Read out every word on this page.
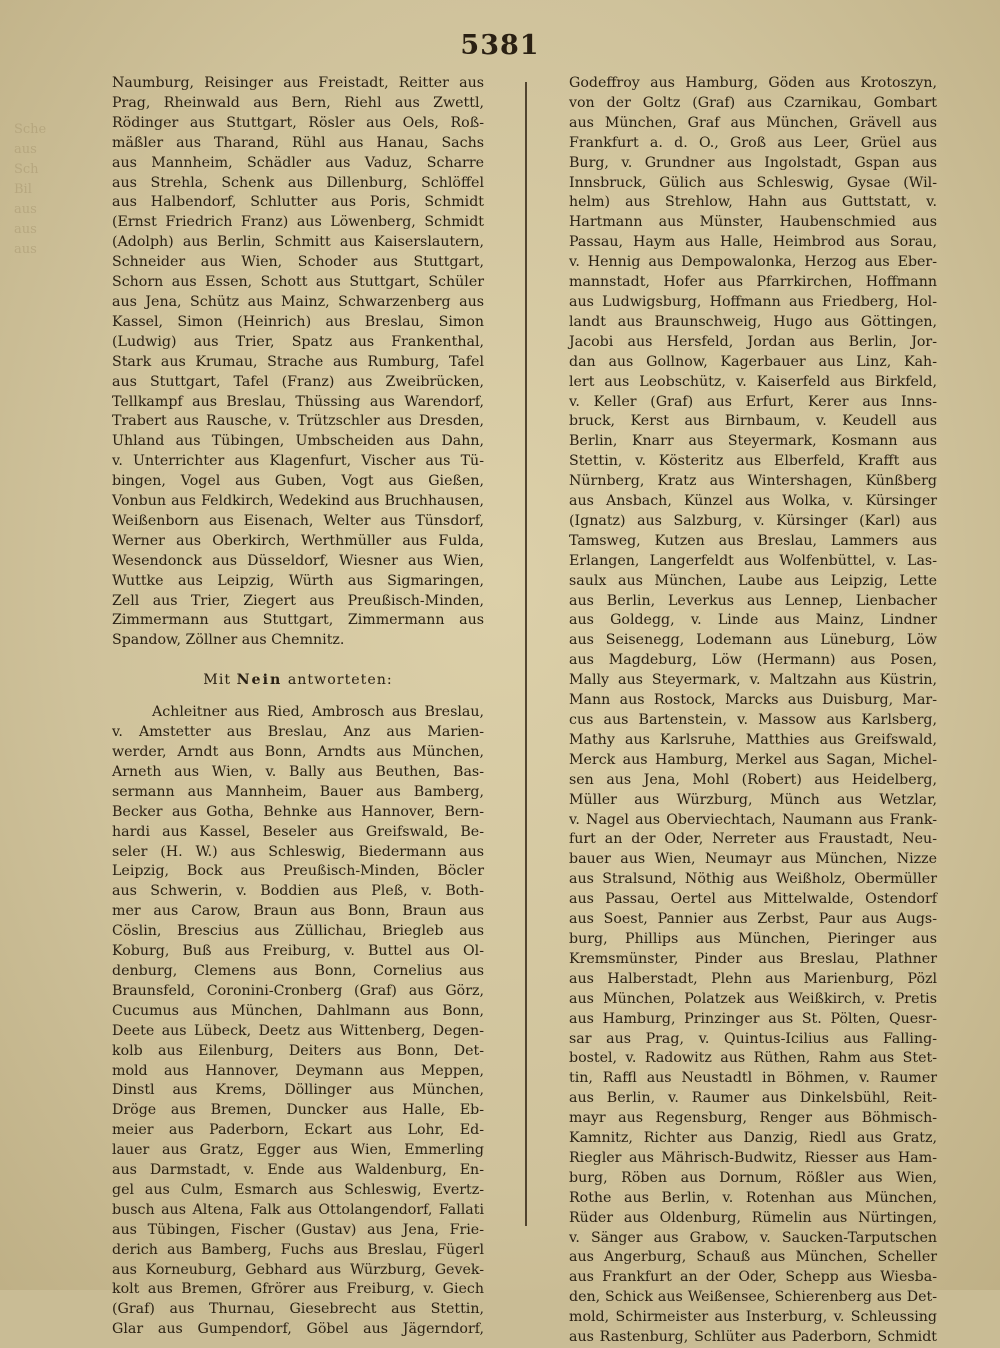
Sche
aus
Sch
Bil
aus
aus
aus
5381
Naumburg, Reisinger aus Freistadt, Reitter aus
Prag, Rheinwald aus Bern, Riehl aus Zwettl,
Rödinger aus Stuttgart, Rösler aus Oels, Roß-
mäßler aus Tharand, Rühl aus Hanau, Sachs
aus Mannheim, Schädler aus Vaduz, Scharre
aus Strehla, Schenk aus Dillenburg, Schlöffel
aus Halbendorf, Schlutter aus Poris, Schmidt
(Ernst Friedrich Franz) aus Löwenberg, Schmidt
(Adolph) aus Berlin, Schmitt aus Kaiserslautern,
Schneider aus Wien, Schoder aus Stuttgart,
Schorn aus Essen, Schott aus Stuttgart, Schüler
aus Jena, Schütz aus Mainz, Schwarzenberg aus
Kassel, Simon (Heinrich) aus Breslau, Simon
(Ludwig) aus Trier, Spatz aus Frankenthal,
Stark aus Krumau, Strache aus Rumburg, Tafel
aus Stuttgart, Tafel (Franz) aus Zweibrücken,
Tellkampf aus Breslau, Thüssing aus Warendorf,
Trabert aus Rausche, v. Trützschler aus Dresden,
Uhland aus Tübingen, Umbscheiden aus Dahn,
v. Unterrichter aus Klagenfurt, Vischer aus Tü-
bingen, Vogel aus Guben, Vogt aus Gießen,
Vonbun aus Feldkirch, Wedekind aus Bruchhausen,
Weißenborn aus Eisenach, Welter aus Tünsdorf,
Werner aus Oberkirch, Werthmüller aus Fulda,
Wesendonck aus Düsseldorf, Wiesner aus Wien,
Wuttke aus Leipzig, Würth aus Sigmaringen,
Zell aus Trier, Ziegert aus Preußisch-Minden,
Zimmermann aus Stuttgart, Zimmermann aus
Spandow, Zöllner aus Chemnitz.
Mit Nein antworteten:
Achleitner aus Ried, Ambrosch aus Breslau,
v. Amstetter aus Breslau, Anz aus Marien-
werder, Arndt aus Bonn, Arndts aus München,
Arneth aus Wien, v. Bally aus Beuthen, Bas-
sermann aus Mannheim, Bauer aus Bamberg,
Becker aus Gotha, Behnke aus Hannover, Bern-
hardi aus Kassel, Beseler aus Greifswald, Be-
seler (H. W.) aus Schleswig, Biedermann aus
Leipzig, Bock aus Preußisch-Minden, Böcler
aus Schwerin, v. Boddien aus Pleß, v. Both-
mer aus Carow, Braun aus Bonn, Braun aus
Cöslin, Brescius aus Züllichau, Briegleb aus
Koburg, Buß aus Freiburg, v. Buttel aus Ol-
denburg, Clemens aus Bonn, Cornelius aus
Braunsfeld, Coronini-Cronberg (Graf) aus Görz,
Cucumus aus München, Dahlmann aus Bonn,
Deete aus Lübeck, Deetz aus Wittenberg, Degen-
kolb aus Eilenburg, Deiters aus Bonn, Det-
mold aus Hannover, Deymann aus Meppen,
Dinstl aus Krems, Döllinger aus München,
Dröge aus Bremen, Duncker aus Halle, Eb-
meier aus Paderborn, Eckart aus Lohr, Ed-
lauer aus Gratz, Egger aus Wien, Emmerling
aus Darmstadt, v. Ende aus Waldenburg, En-
gel aus Culm, Esmarch aus Schleswig, Evertz-
busch aus Altena, Falk aus Ottolangendorf, Fallati
aus Tübingen, Fischer (Gustav) aus Jena, Frie-
derich aus Bamberg, Fuchs aus Breslau, Fügerl
aus Korneuburg, Gebhard aus Würzburg, Gevek-
kolt aus Bremen, Gfrörer aus Freiburg, v. Giech
(Graf) aus Thurnau, Giesebrecht aus Stettin,
Glar aus Gumpendorf, Göbel aus Jägerndorf,
Godeffroy aus Hamburg, Göden aus Krotoszyn,
von der Goltz (Graf) aus Czarnikau, Gombart
aus München, Graf aus München, Grävell aus
Frankfurt a. d. O., Groß aus Leer, Grüel aus
Burg, v. Grundner aus Ingolstadt, Gspan aus
Innsbruck, Gülich aus Schleswig, Gysae (Wil-
helm) aus Strehlow, Hahn aus Guttstatt, v.
Hartmann aus Münster, Haubenschmied aus
Passau, Haym aus Halle, Heimbrod aus Sorau,
v. Hennig aus Dempowalonka, Herzog aus Eber-
mannstadt, Hofer aus Pfarrkirchen, Hoffmann
aus Ludwigsburg, Hoffmann aus Friedberg, Hol-
landt aus Braunschweig, Hugo aus Göttingen,
Jacobi aus Hersfeld, Jordan aus Berlin, Jor-
dan aus Gollnow, Kagerbauer aus Linz, Kah-
lert aus Leobschütz, v. Kaiserfeld aus Birkfeld,
v. Keller (Graf) aus Erfurt, Kerer aus Inns-
bruck, Kerst aus Birnbaum, v. Keudell aus
Berlin, Knarr aus Steyermark, Kosmann aus
Stettin, v. Kösteritz aus Elberfeld, Krafft aus
Nürnberg, Kratz aus Wintershagen, Künßberg
aus Ansbach, Künzel aus Wolka, v. Kürsinger
(Ignatz) aus Salzburg, v. Kürsinger (Karl) aus
Tamsweg, Kutzen aus Breslau, Lammers aus
Erlangen, Langerfeldt aus Wolfenbüttel, v. Las-
saulx aus München, Laube aus Leipzig, Lette
aus Berlin, Leverkus aus Lennep, Lienbacher
aus Goldegg, v. Linde aus Mainz, Lindner
aus Seisenegg, Lodemann aus Lüneburg, Löw
aus Magdeburg, Löw (Hermann) aus Posen,
Mally aus Steyermark, v. Maltzahn aus Küstrin,
Mann aus Rostock, Marcks aus Duisburg, Mar-
cus aus Bartenstein, v. Massow aus Karlsberg,
Mathy aus Karlsruhe, Matthies aus Greifswald,
Merck aus Hamburg, Merkel aus Sagan, Michel-
sen aus Jena, Mohl (Robert) aus Heidelberg,
Müller aus Würzburg, Münch aus Wetzlar,
v. Nagel aus Oberviechtach, Naumann aus Frank-
furt an der Oder, Nerreter aus Fraustadt, Neu-
bauer aus Wien, Neumayr aus München, Nizze
aus Stralsund, Nöthig aus Weißholz, Obermüller
aus Passau, Oertel aus Mittelwalde, Ostendorf
aus Soest, Pannier aus Zerbst, Paur aus Augs-
burg, Phillips aus München, Pieringer aus
Kremsmünster, Pinder aus Breslau, Plathner
aus Halberstadt, Plehn aus Marienburg, Pözl
aus München, Polatzek aus Weißkirch, v. Pretis
aus Hamburg, Prinzinger aus St. Pölten, Quesr-
sar aus Prag, v. Quintus-Icilius aus Falling-
bostel, v. Radowitz aus Rüthen, Rahm aus Stet-
tin, Raffl aus Neustadtl in Böhmen, v. Raumer
aus Berlin, v. Raumer aus Dinkelsbühl, Reit-
mayr aus Regensburg, Renger aus Böhmisch-
Kamnitz, Richter aus Danzig, Riedl aus Gratz,
Riegler aus Mährisch-Budwitz, Riesser aus Ham-
burg, Röben aus Dornum, Rößler aus Wien,
Rothe aus Berlin, v. Rotenhan aus München,
Rüder aus Oldenburg, Rümelin aus Nürtingen,
v. Sänger aus Grabow, v. Saucken-Tarputschen
aus Angerburg, Schauß aus München, Scheller
aus Frankfurt an der Oder, Schepp aus Wiesba-
den, Schick aus Weißensee, Schierenberg aus Det-
mold, Schirmeister aus Insterburg, v. Schleussing
aus Rastenburg, Schlüter aus Paderborn, Schmidt
